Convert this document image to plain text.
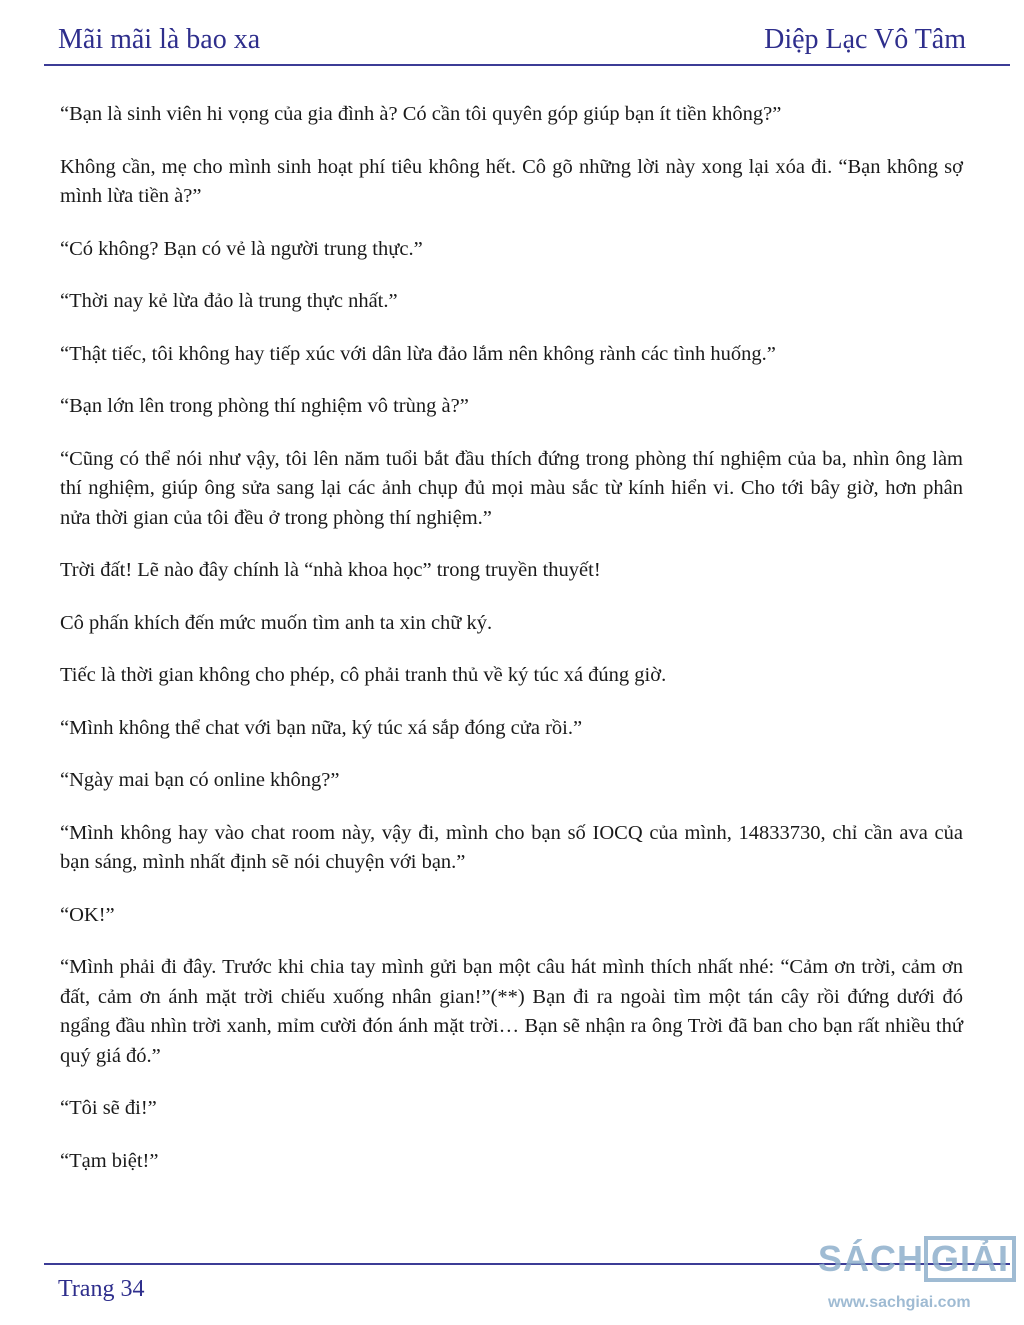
Mãi mãi là bao xa	Diệp Lạc Vô Tâm

“Bạn là sinh viên hi vọng của gia đình à? Có cần tôi quyên góp giúp bạn ít tiền không?”

Không cần, mẹ cho mình sinh hoạt phí tiêu không hết. Cô gõ những lời này xong lại xóa đi. “Bạn không sợ mình lừa tiền à?”

“Có không? Bạn có vẻ là người trung thực.”

“Thời nay kẻ lừa đảo là trung thực nhất.”

“Thật tiếc, tôi không hay tiếp xúc với dân lừa đảo lắm nên không rành các tình huống.”

“Bạn lớn lên trong phòng thí nghiệm vô trùng à?”

“Cũng có thể nói như vậy, tôi lên năm tuổi bắt đầu thích đứng trong phòng thí nghiệm của ba, nhìn ông làm thí nghiệm, giúp ông sửa sang lại các ảnh chụp đủ mọi màu sắc từ kính hiển vi. Cho tới bây giờ, hơn phân nửa thời gian của tôi đều ở trong phòng thí nghiệm.”

Trời đất! Lẽ nào đây chính là “nhà khoa học” trong truyền thuyết!

Cô phấn khích đến mức muốn tìm anh ta xin chữ ký.

Tiếc là thời gian không cho phép, cô phải tranh thủ về ký túc xá đúng giờ.

“Mình không thể chat với bạn nữa, ký túc xá sắp đóng cửa rồi.”

“Ngày mai bạn có online không?”

“Mình không hay vào chat room này, vậy đi, mình cho bạn số IOCQ của mình, 14833730, chỉ cần ava của bạn sáng, mình nhất định sẽ nói chuyện với bạn.”

“OK!”

“Mình phải đi đây. Trước khi chia tay mình gửi bạn một câu hát mình thích nhất nhé: “Cảm ơn trời, cảm ơn đất, cảm ơn ánh mặt trời chiếu xuống nhân gian!”(**) Bạn đi ra ngoài tìm một tán cây rồi đứng dưới đó ngẩng đầu nhìn trời xanh, mỉm cười đón ánh mặt trời… Bạn sẽ nhận ra ông Trời đã ban cho bạn rất nhiều thứ quý giá đó.”

“Tôi sẽ đi!”

“Tạm biệt!”

Trang 34
SÁCH GIẢI
www.sachgiai.com
